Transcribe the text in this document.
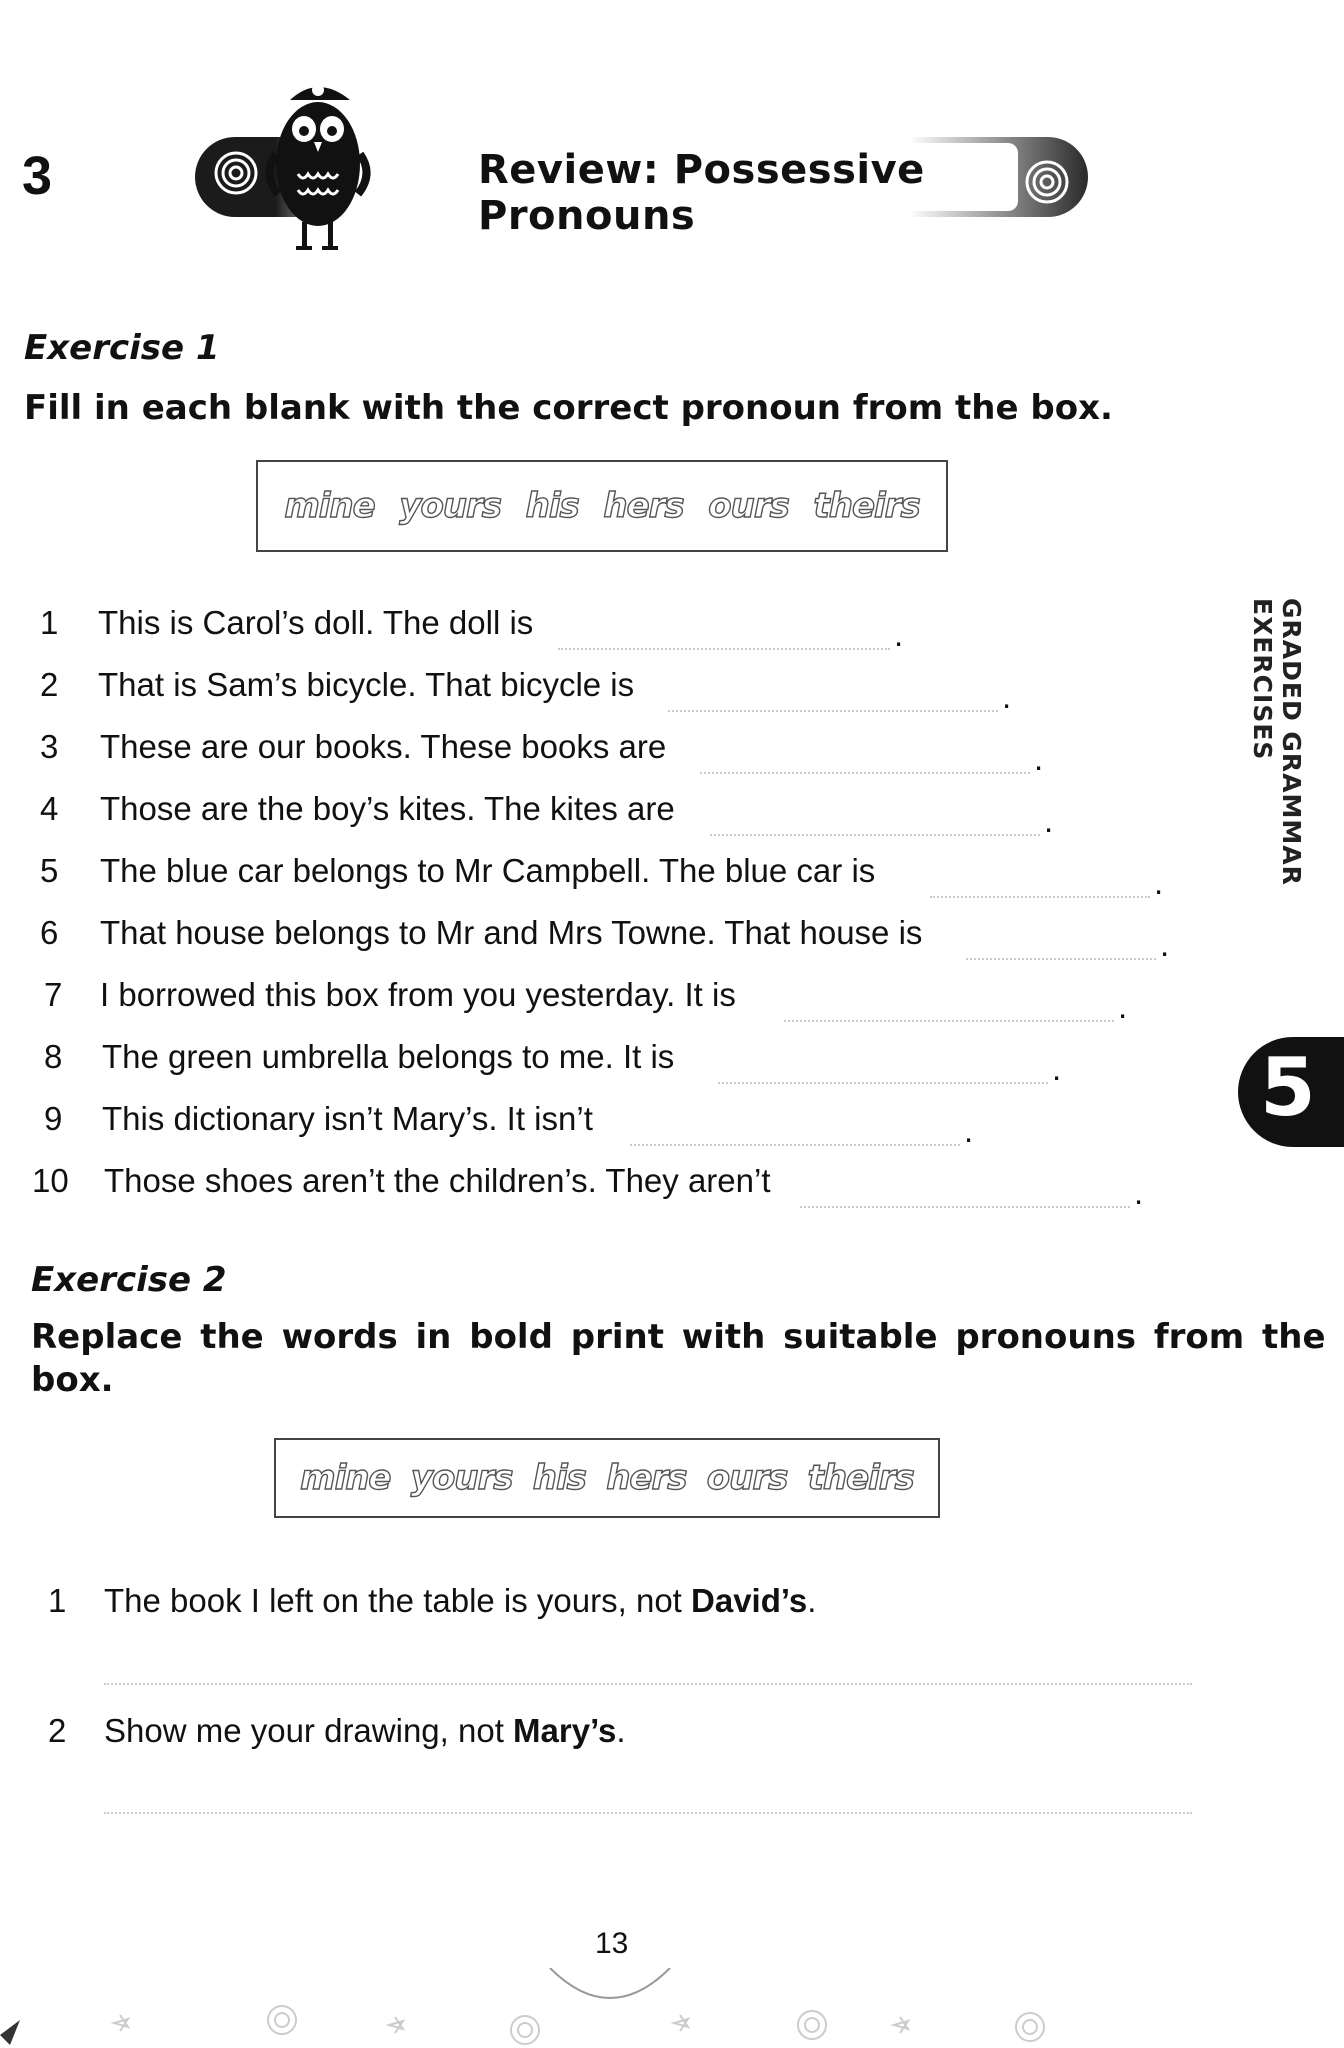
3	Review: Possessive Pronouns
Exercise 1
Fill in each blank with the correct pronoun from the box.
mine yours his hers ours theirs
1 This is Carol’s doll. The doll is	.
2 That is Sam’s bicycle. That bicycle is	.
3 These are our books. These books are	.
4 Those are the boy’s kites. The kites are	.
5 The blue car belongs to Mr Campbell. The blue car is	.
6 That house belongs to Mr and Mrs Towne. That house is	.
7 I borrowed this box from you yesterday. It is	.
8 The green umbrella belongs to me. It is	.
9 This dictionary isn’t Mary’s. It isn’t	.
10 Those shoes aren’t the children’s. They aren’t	.
GRADED GRAMMAR EXERCISES
5
Exercise 2
Replace the words in bold print with suitable pronouns from the
box.
mine yours his hers ours theirs
1 The book I left on the table is yours, not David’s.
2 Show me your drawing, not Mary’s.
13
